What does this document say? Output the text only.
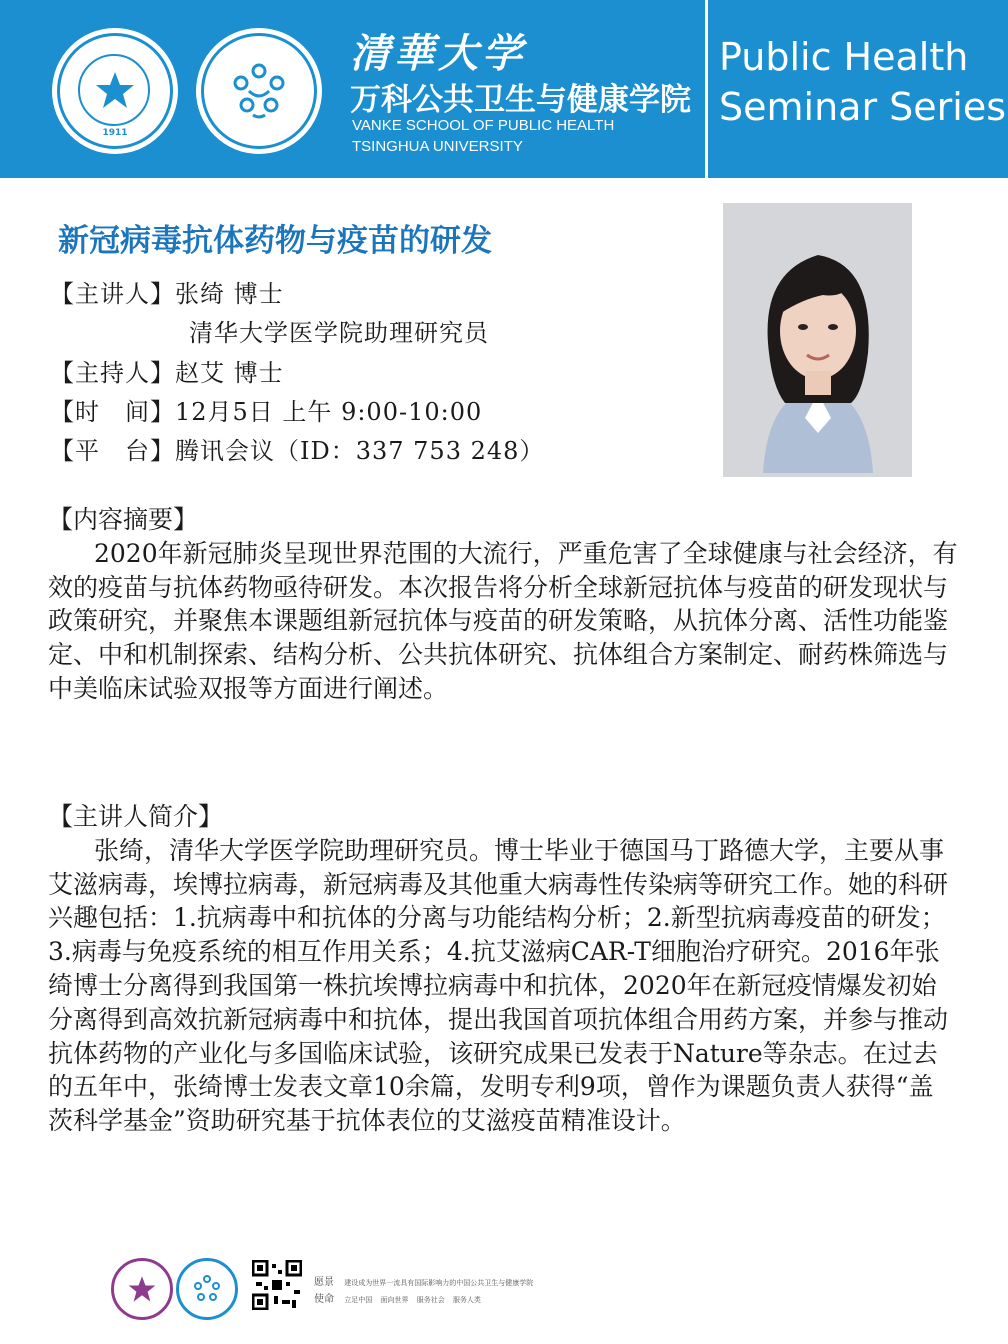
1911
清華大学
万科公共卫生与健康学院
VANKE SCHOOL OF PUBLIC HEALTH
TSINGHUA UNIVERSITY
Public Health
Seminar Series
新冠病毒抗体药物与疫苗的研发
【主讲人】张绮 博士
清华大学医学院助理研究员
【主持人】赵艾 博士
【时　间】12月5日 上午 9:00-10:00
【平　台】腾讯会议（ID：337 753 248）

【内容摘要】

2020年新冠肺炎呈现世界范围的大流行，严重危害了全球健康与社会经济，有效的疫苗与抗体药物亟待研发。本次报告将分析全球新冠抗体与疫苗的研发现状与政策研究，并聚焦本课题组新冠抗体与疫苗的研发策略，从抗体分离、活性功能鉴定、中和机制探索、结构分析、公共抗体研究、抗体组合方案制定、耐药株筛选与中美临床试验双报等方面进行阐述。

【主讲人简介】

张绮，清华大学医学院助理研究员。博士毕业于德国马丁路德大学，主要从事艾滋病毒，埃博拉病毒，新冠病毒及其他重大病毒性传染病等研究工作。她的科研兴趣包括：1.抗病毒中和抗体的分离与功能结构分析；2.新型抗病毒疫苗的研发；3.病毒与免疫系统的相互作用关系；4.抗艾滋病CAR-T细胞治疗研究。2016年张绮博士分离得到我国第一株抗埃博拉病毒中和抗体，2020年在新冠疫情爆发初始分离得到高效抗新冠病毒中和抗体，提出我国首项抗体组合用药方案，并参与推动抗体药物的产业化与多国临床试验，该研究成果已发表于Nature等杂志。在过去的五年中，张绮博士发表文章10余篇，发明专利9项，曾作为课题负责人获得“盖茨科学基金”资助研究基于抗体表位的艾滋疫苗精准设计。

愿景 建设成为世界一流具有国际影响力的中国公共卫生与健康学院
使命 立足中国 面向世界 服务社会 服务人类
